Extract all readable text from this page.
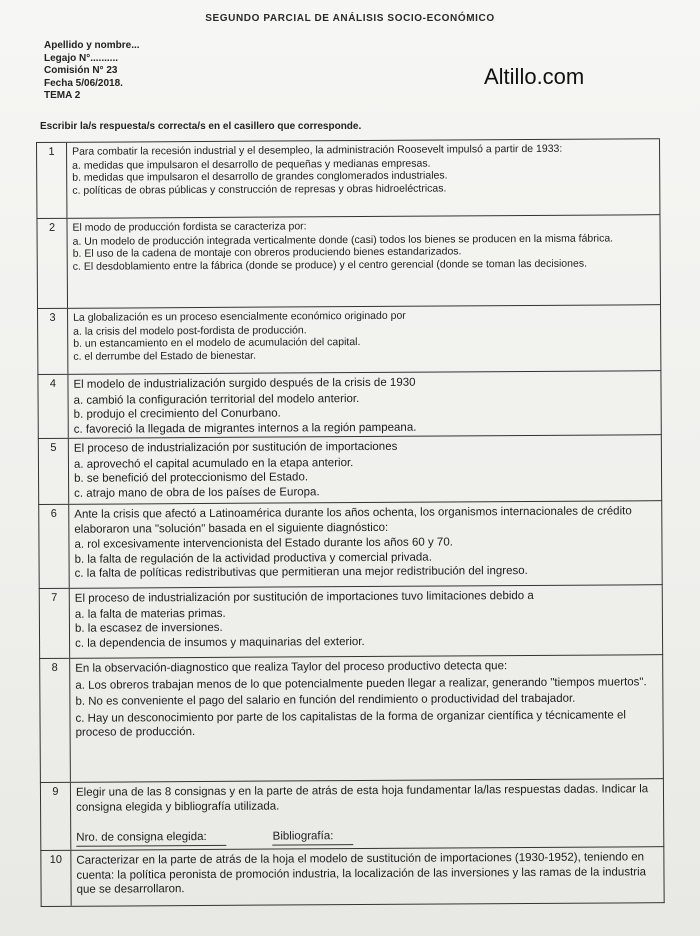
SEGUNDO PARCIAL DE ANÁLISIS SOCIO-ECONÓMICO
Apellido y nombre...
Legajo N°..........
Comisión N° 23
Fecha 5/06/2018.
TEMA 2
Altillo.com
Escribir la/s respuesta/s correcta/s en el casillero que corresponde.
1	Para combatir la recesión industrial y el desempleo, la administración Roosevelt impulsó a partir de 1933:
a. medidas que impulsaron el desarrollo de pequeñas y medianas empresas.
b. medidas que impulsaron el desarrollo de grandes conglomerados industriales.
c. políticas de obras públicas y construcción de represas y obras hidroeléctricas.
2	El modo de producción fordista se caracteriza por:
a. Un modelo de producción integrada verticalmente donde (casi) todos los bienes se producen en la misma fábrica.
b. El uso de la cadena de montaje con obreros produciendo bienes estandarizados.
c. El desdoblamiento entre la fábrica (donde se produce) y el centro gerencial (donde se toman las decisiones.
3	La globalización es un proceso esencialmente económico originado por
a. la crisis del modelo post-fordista de producción.
b. un estancamiento en el modelo de acumulación del capital.
c. el derrumbe del Estado de bienestar.
4	El modelo de industrialización surgido después de la crisis de 1930
a. cambió la configuración territorial del modelo anterior.
b. produjo el crecimiento del Conurbano.
c. favoreció la llegada de migrantes internos a la región pampeana.
5	El proceso de industrialización por sustitución de importaciones
a. aprovechó el capital acumulado en la etapa anterior.
b. se benefició del proteccionismo del Estado.
c. atrajo mano de obra de los países de Europa.
6	Ante la crisis que afectó a Latinoamérica durante los años ochenta, los organismos internacionales de crédito elaboraron una "solución" basada en el siguiente diagnóstico:
a. rol excesivamente intervencionista del Estado durante los años 60 y 70.
b. la falta de regulación de la actividad productiva y comercial privada.
c. la falta de políticas redistributivas que permitieran una mejor redistribución del ingreso.
7	El proceso de industrialización por sustitución de importaciones tuvo limitaciones debido a
a. la falta de materias primas.
b. la escasez de inversiones.
c. la dependencia de insumos y maquinarias del exterior.
8	En la observación-diagnostico que realiza Taylor del proceso productivo detecta que:
a. Los obreros trabajan menos de lo que potencialmente pueden llegar a realizar, generando "tiempos muertos".
b. No es conveniente el pago del salario en función del rendimiento o productividad del trabajador.
c. Hay un desconocimiento por parte de los capitalistas de la forma de organizar científica y técnicamente el proceso de producción.
9	Elegir una de las 8 consignas y en la parte de atrás de esta hoja fundamentar la/las respuestas dadas. Indicar la consigna elegida y bibliografía utilizada.
Nro. de consigna elegida:	Bibliografía:
10	Caracterizar en la parte de atrás de la hoja el modelo de sustitución de importaciones (1930-1952), teniendo en cuenta: la política peronista de promoción industria, la localización de las inversiones y las ramas de la industria que se desarrollaron.
